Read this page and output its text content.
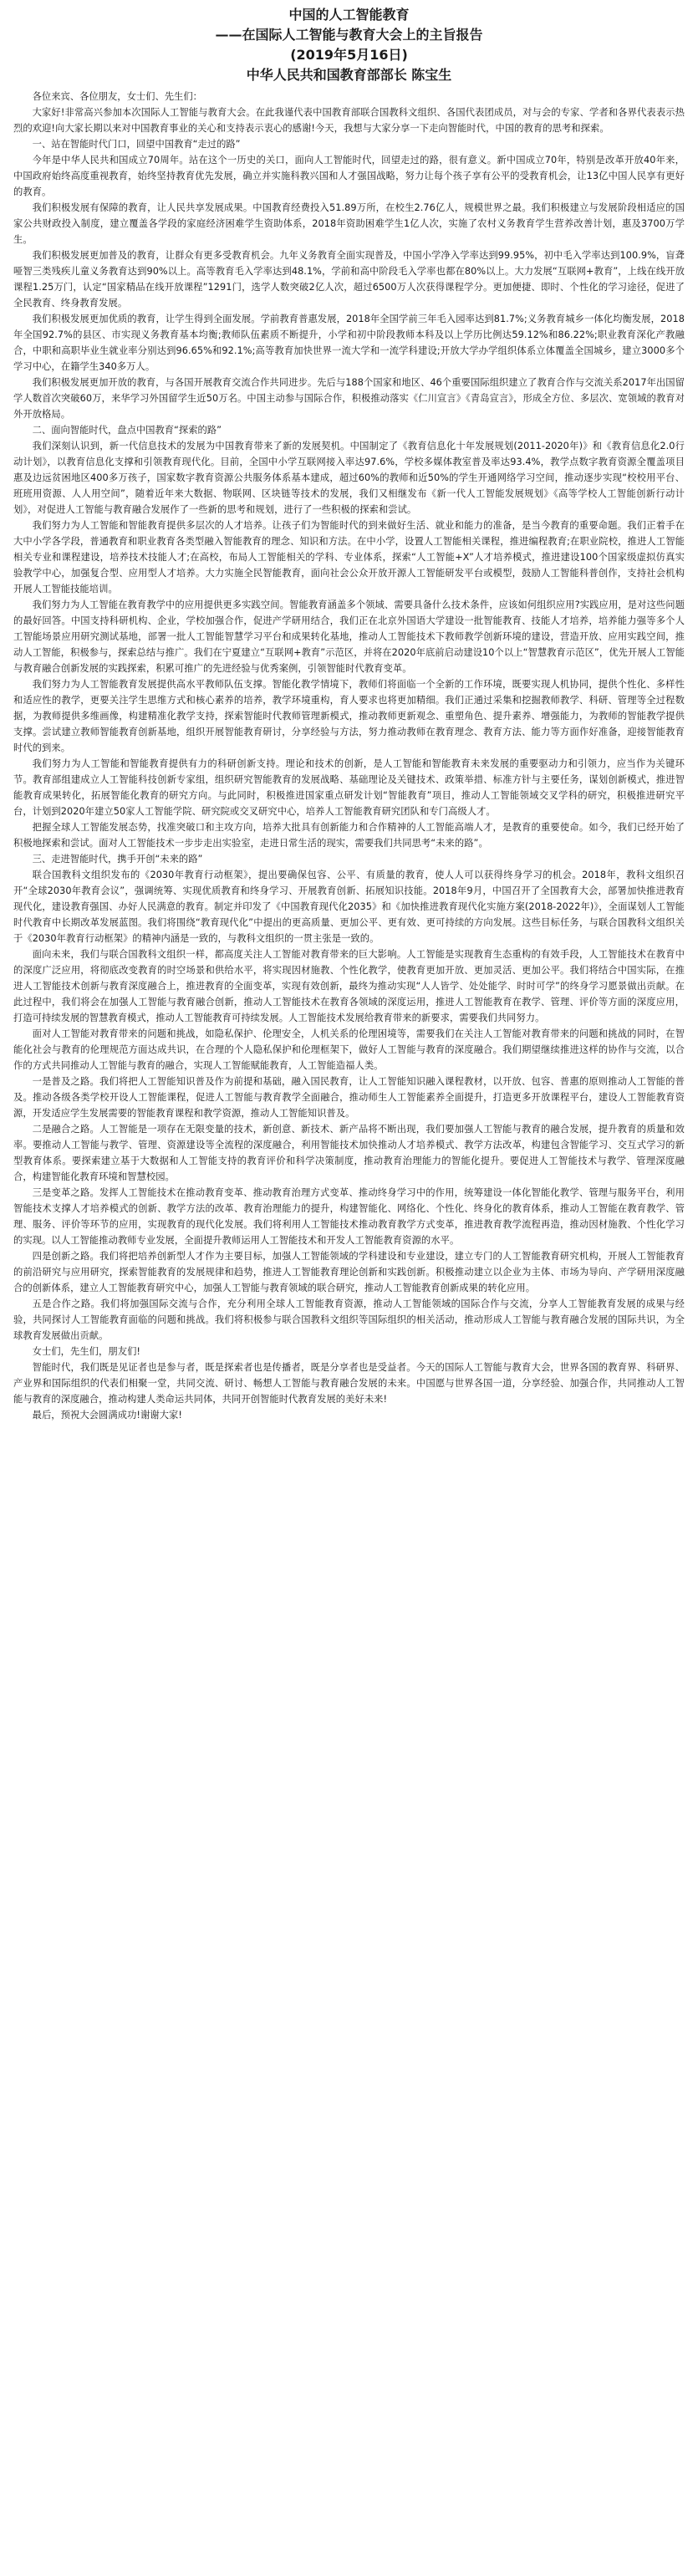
中国的人工智能教育

——在国际人工智能与教育大会上的主旨报告

(2019年5月16日)

中华人民共和国教育部部长 陈宝生

各位来宾、各位朋友，女士们、先生们：

大家好!非常高兴参加本次国际人工智能与教育大会。在此我谨代表中国教育部联合国教科文组织、各国代表团成员，对与会的专家、学者和各界代表表示热烈的欢迎!向大家长期以来对中国教育事业的关心和支持表示衷心的感谢!今天，我想与大家分享一下走向智能时代，中国的教育的思考和探索。

一、站在智能时代门口，回望中国教育“走过的路”

今年是中华人民共和国成立70周年。站在这个一历史的关口，面向人工智能时代，回望走过的路，很有意义。新中国成立70年，特别是改革开放40年来，中国政府始终高度重视教育，始终坚持教育优先发展，确立并实施科教兴国和人才强国战略，努力让每个孩子享有公平的受教育机会，让13亿中国人民享有更好的教育。

我们积极发展有保障的教育，让人民共享发展成果。中国教育经费投入51.89万所，在校生2.76亿人，规模世界之最。我们积极建立与发展阶段相适应的国家公共财政投入制度，建立覆盖各学段的家庭经济困难学生资助体系，2018年资助困难学生1亿人次，实施了农村义务教育学生营养改善计划，惠及3700万学生。

我们积极发展更加普及的教育，让群众有更多受教育机会。九年义务教育全面实现普及，中国小学净入学率达到99.95%，初中毛入学率达到100.9%，盲聋哑智三类残疾儿童义务教育达到90%以上。高等教育毛入学率达到48.1%，学前和高中阶段毛入学率也都在80%以上。大力发展“互联网+教育”，上线在线开放课程1.25万门，认定“国家精品在线开放课程”1291门，选学人数突破2亿人次，超过6500万人次获得课程学分。更加便捷、即时、个性化的学习途径，促进了全民教育、终身教育发展。

我们积极发展更加优质的教育，让学生得到全面发展。学前教育普惠发展，2018年全国学前三年毛入园率达到81.7%;义务教育城乡一体化均衡发展，2018年全国92.7%的县区、市实现义务教育基本均衡;教师队伍素质不断提升，小学和初中阶段教师本科及以上学历比例达59.12%和86.22%;职业教育深化产教融合，中职和高职毕业生就业率分别达到96.65%和92.1%;高等教育加快世界一流大学和一流学科建设;开放大学办学组织体系立体覆盖全国城乡，建立3000多个学习中心，在籍学生340多万人。

我们积极发展更加开放的教育，与各国开展教育交流合作共同进步。先后与188个国家和地区、46个重要国际组织建立了教育合作与交流关系2017年出国留学人数首次突破60万，来华学习外国留学生近50万名。中国主动参与国际合作，积极推动落实《仁川宣言》《青岛宣言》，形成全方位、多层次、宽领域的教育对外开放格局。

二、面向智能时代，盘点中国教育“探索的路”

我们深刻认识到，新一代信息技术的发展为中国教育带来了新的发展契机。中国制定了《教育信息化十年发展规划(2011-2020年)》和《教育信息化2.0行动计划》，以教育信息化支撑和引领教育现代化。目前，全国中小学互联网接入率达97.6%，学校多媒体教室普及率达93.4%，教学点数字教育资源全覆盖项目惠及边远贫困地区400多万孩子，国家数字教育资源公共服务体系基本建成，超过60%的教师和近50%的学生开通网络学习空间，推动逐步实现“校校用平台、班班用资源、人人用空间”，随着近年来大数据、物联网、区块链等技术的发展，我们又相继发布《新一代人工智能发展规划》《高等学校人工智能创新行动计划》，对促进人工智能与教育融合发展作了一些新的思考和规划，进行了一些积极的探索和尝试。

我们努力为人工智能和智能教育提供多层次的人才培养。让孩子们为智能时代的到来做好生活、就业和能力的准备，是当今教育的重要命题。我们正着手在大中小学各学段，普通教育和职业教育各类型融入智能教育的理念、知识和方法。在中小学，设置人工智能相关课程，推进编程教育;在职业院校，推进人工智能相关专业和课程建设，培养技术技能人才;在高校，布局人工智能相关的学科、专业体系，探索“人工智能+X”人才培养模式，推进建设100个国家级虚拟仿真实验教学中心，加强复合型、应用型人才培养。大力实施全民智能教育，面向社会公众开放开源人工智能研发平台或模型，鼓励人工智能科普创作，支持社会机构开展人工智能技能培训。

我们努力为人工智能在教育教学中的应用提供更多实践空间。智能教育涵盖多个领域、需要具备什么技术条件，应该如何组织应用?实践应用，是对这些问题的最好回答。中国支持科研机构、企业，学校加强合作，促进产学研用结合，我们正在北京外国语大学建设一批智能教育、技能人才培养，培养能力强等多个人工智能场景应用研究测试基地，部署一批人工智能智慧学习平台和成果转化基地，推动人工智能技术下教师教学创新环境的建设，营造开放、应用实践空间，推动人工智能，积极参与，探索总结与推广。我们在宁夏建立“互联网+教育”示范区，并将在2020年底前启动建设10个以上“智慧教育示范区”，优先开展人工智能与教育融合创新发展的实践探索，积累可推广的先进经验与优秀案例，引领智能时代教育变革。

我们努力为人工智能教育发展提供高水平教师队伍支撑。智能化教学情境下，教师们将面临一个全新的工作环境，既要实现人机协同，提供个性化、多样性和适应性的教学，更要关注学生思维方式和核心素养的培养，教学环境重构，育人要求也将更加精细。我们正通过采集和挖掘教师教学、科研、管理等全过程数据，为教师提供多维画像，构建精准化教学支持，探索智能时代教师管理新模式，推动教师更新观念、重塑角色、提升素养、增强能力，为教师的智能教学提供支撑。尝试建立教师智能教育创新基地，组织开展智能教育研讨，分享经验与方法，努力推动教师在教育理念、教育方法、能力等方面作好准备，迎接智能教育时代的到来。

我们努力为人工智能和智能教育提供有力的科研创新支持。理论和技术的创新，是人工智能和智能教育未来发展的重要驱动力和引领力，应当作为关键环节。教育部组建成立人工智能科技创新专家组，组织研究智能教育的发展战略、基础理论及关键技术、政策举措、标准方针与主要任务，谋划创新模式，推进智能教育成果转化，拓展智能化教育的研究方向。与此同时，积极推进国家重点研发计划“智能教育”项目，推动人工智能领域交叉学科的研究，积极推进研究平台，计划到2020年建立50家人工智能学院、研究院或交叉研究中心，培养人工智能教育研究团队和专门高级人才。

把握全球人工智能发展态势，找准突破口和主攻方向，培养大批具有创新能力和合作精神的人工智能高端人才，是教育的重要使命。如今，我们已经开始了积极地探索和尝试。面对人工智能技术一步步走出实验室，走进日常生活的现实，需要我们共同思考“未来的路”。

三、走进智能时代，携手开创“未来的路”

联合国教科文组织发布的《2030年教育行动框架》，提出要确保包容、公平、有质量的教育，使人人可以获得终身学习的机会。2018年，教科文组织召开“全球2030年教育会议”，强调统筹、实现优质教育和终身学习、开展教育创新、拓展知识技能。2018年9月，中国召开了全国教育大会，部署加快推进教育现代化，建设教育强国、办好人民满意的教育。制定并印发了《中国教育现代化2035》和《加快推进教育现代化实施方案(2018-2022年)》，全面谋划人工智能时代教育中长期改革发展蓝图。我们将围绕“教育现代化”中提出的更高质量、更加公平、更有效、更可持续的方向发展。这些目标任务，与联合国教科文组织关于《2030年教育行动框架》的精神内涵是一致的，与教科文组织的一贯主张是一致的。

面向未来，我们与联合国教科文组织一样，都高度关注人工智能对教育带来的巨大影响。人工智能是实现教育生态重构的有效手段，人工智能技术在教育中的深度广泛应用，将彻底改变教育的时空场景和供给水平，将实现因材施教、个性化教学，使教育更加开放、更加灵活、更加公平。我们将结合中国实际，在推进人工智能技术创新与教育深度融合上，推进教育的全面变革，实现有效创新，最终为推动实现“人人皆学、处处能学、时时可学”的终身学习愿景做出贡献。在此过程中，我们将会在加强人工智能与教育融合创新，推动人工智能技术在教育各领域的深度运用，推进人工智能教育在教学、管理、评价等方面的深度应用，打造可持续发展的智慧教育模式，推动人工智能教育可持续发展。人工智能技术发展给教育带来的新要求，需要我们共同努力。

面对人工智能对教育带来的问题和挑战，如隐私保护、伦理安全，人机关系的伦理困境等，需要我们在关注人工智能对教育带来的问题和挑战的同时，在智能化社会与教育的伦理规范方面达成共识，在合理的个人隐私保护和伦理框架下，做好人工智能与教育的深度融合。我们期望继续推进这样的协作与交流，以合作的方式共同推动人工智能与教育的融合，实现人工智能赋能教育，人工智能造福人类。

一是普及之路。我们将把人工智能知识普及作为前提和基础，融入国民教育，让人工智能知识融入课程教材，以开放、包容、普惠的原则推动人工智能的普及。推动各级各类学校开设人工智能课程，促进人工智能与教育教学全面融合，推动师生人工智能素养全面提升，打造更多开放课程平台，建设人工智能教育资源，开发适应学生发展需要的智能教育课程和教学资源，推动人工智能知识普及。

二是融合之路。人工智能是一项存在无限变量的技术，新创意、新技术、新产品将不断出现，我们要加强人工智能与教育的融合发展，提升教育的质量和效率。要推动人工智能与教学、管理、资源建设等全流程的深度融合，利用智能技术加快推动人才培养模式、教学方法改革，构建包含智能学习、交互式学习的新型教育体系。要探索建立基于大数据和人工智能支持的教育评价和科学决策制度，推动教育治理能力的智能化提升。要促进人工智能技术与教学、管理深度融合，构建智能化教育环境和智慧校园。

三是变革之路。发挥人工智能技术在推动教育变革、推动教育治理方式变革、推动终身学习中的作用，统筹建设一体化智能化教学、管理与服务平台，利用智能技术支撑人才培养模式的创新、教学方法的改革、教育治理能力的提升，构建智能化、网络化、个性化、终身化的教育体系，推动人工智能在教育教学、管理、服务、评价等环节的应用，实现教育的现代化发展。我们将利用人工智能技术推动教育教学方式变革，推进教育教学流程再造，推动因材施教、个性化学习的实现。以人工智能推动教师专业发展，全面提升教师运用人工智能技术和开发人工智能教育资源的水平。

四是创新之路。我们将把培养创新型人才作为主要目标，加强人工智能领域的学科建设和专业建设，建立专门的人工智能教育研究机构，开展人工智能教育的前沿研究与应用研究，探索智能教育的发展规律和趋势，推进人工智能教育理论创新和实践创新。积极推动建立以企业为主体、市场为导向、产学研用深度融合的创新体系，建立人工智能教育研究中心，加强人工智能与教育领域的联合研究，推动人工智能教育创新成果的转化应用。

五是合作之路。我们将加强国际交流与合作，充分利用全球人工智能教育资源，推动人工智能领域的国际合作与交流，分享人工智能教育发展的成果与经验，共同探讨人工智能教育面临的问题和挑战。我们将积极参与联合国教科文组织等国际组织的相关活动，推动形成人工智能与教育融合发展的国际共识，为全球教育发展做出贡献。

女士们，先生们，朋友们!

智能时代，我们既是见证者也是参与者，既是探索者也是传播者，既是分享者也是受益者。今天的国际人工智能与教育大会，世界各国的教育界、科研界、产业界和国际组织的代表们相聚一堂，共同交流、研讨、畅想人工智能与教育融合发展的未来。中国愿与世界各国一道，分享经验、加强合作，共同推动人工智能与教育的深度融合，推动构建人类命运共同体，共同开创智能时代教育发展的美好未来!

最后，预祝大会圆满成功!谢谢大家!
